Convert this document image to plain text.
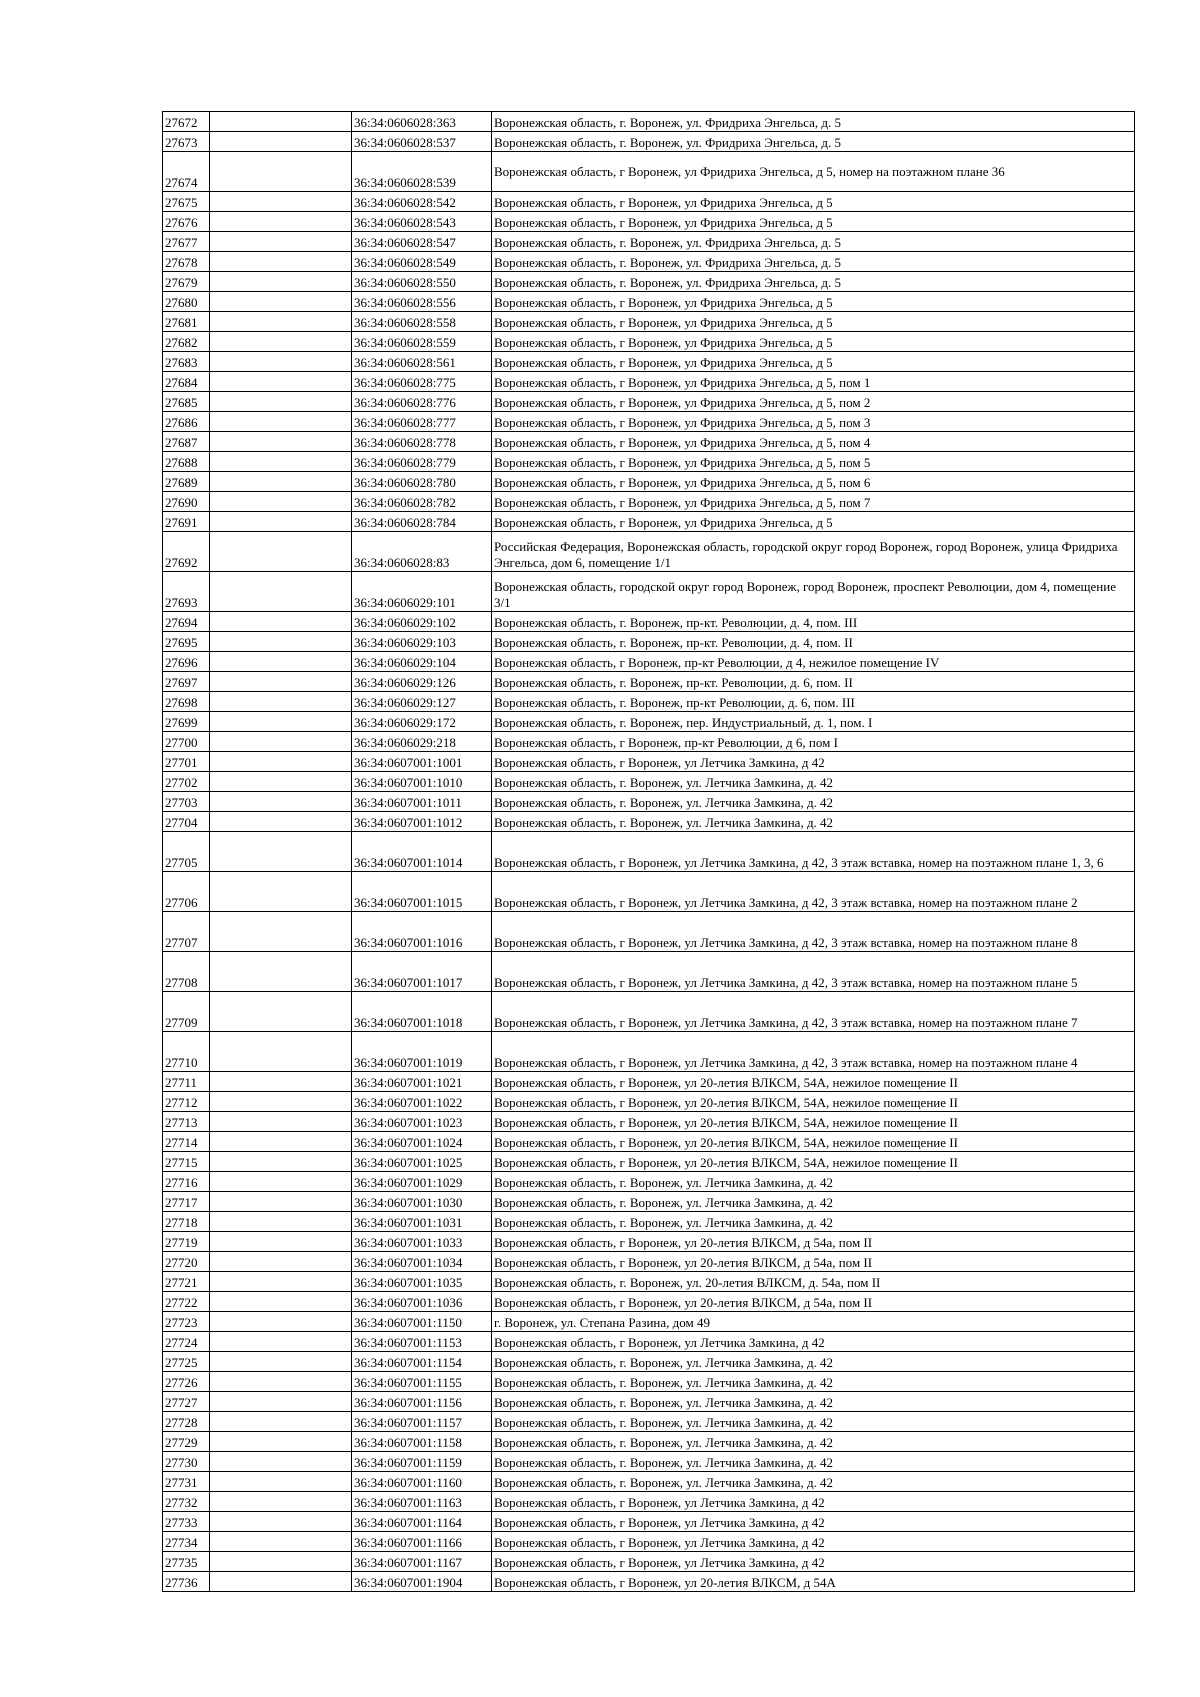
27672		36:34:0606028:363	Воронежская область, г. Воронеж, ул. Фридриха Энгельса, д. 5
27673		36:34:0606028:537	Воронежская область, г. Воронеж, ул. Фридриха Энгельса, д. 5
27674		36:34:0606028:539	Воронежская область, г Воронеж, ул Фридриха Энгельса, д 5, номер на поэтажном плане 36
27675		36:34:0606028:542	Воронежская область, г Воронеж, ул Фридриха Энгельса, д 5
27676		36:34:0606028:543	Воронежская область, г Воронеж, ул Фридриха Энгельса, д 5
27677		36:34:0606028:547	Воронежская область, г. Воронеж, ул. Фридриха Энгельса, д. 5
27678		36:34:0606028:549	Воронежская область, г. Воронеж, ул. Фридриха Энгельса, д. 5
27679		36:34:0606028:550	Воронежская область, г. Воронеж, ул. Фридриха Энгельса, д. 5
27680		36:34:0606028:556	Воронежская область, г Воронеж, ул Фридриха Энгельса, д 5
27681		36:34:0606028:558	Воронежская область, г Воронеж, ул Фридриха Энгельса, д 5
27682		36:34:0606028:559	Воронежская область, г Воронеж, ул Фридриха Энгельса, д 5
27683		36:34:0606028:561	Воронежская область, г Воронеж, ул Фридриха Энгельса, д 5
27684		36:34:0606028:775	Воронежская область, г Воронеж, ул Фридриха Энгельса, д 5, пом 1
27685		36:34:0606028:776	Воронежская область, г Воронеж, ул Фридриха Энгельса, д 5, пом 2
27686		36:34:0606028:777	Воронежская область, г Воронеж, ул Фридриха Энгельса, д 5, пом 3
27687		36:34:0606028:778	Воронежская область, г Воронеж, ул Фридриха Энгельса, д 5, пом 4
27688		36:34:0606028:779	Воронежская область, г Воронеж, ул Фридриха Энгельса, д 5, пом 5
27689		36:34:0606028:780	Воронежская область, г Воронеж, ул Фридриха Энгельса, д 5, пом 6
27690		36:34:0606028:782	Воронежская область, г Воронеж, ул Фридриха Энгельса, д 5, пом 7
27691		36:34:0606028:784	Воронежская область, г Воронеж, ул Фридриха Энгельса, д 5
27692		36:34:0606028:83	Российская Федерация, Воронежская область, городской округ город Воронеж, город Воронеж, улица Фридриха Энгельса, дом 6, помещение 1/1
27693		36:34:0606029:101	Воронежская область, городской округ город Воронеж, город Воронеж, проспект Революции, дом 4, помещение 3/1
27694		36:34:0606029:102	Воронежская область, г. Воронеж, пр-кт. Революции, д. 4, пом. III
27695		36:34:0606029:103	Воронежская область, г. Воронеж, пр-кт. Революции, д. 4, пом. II
27696		36:34:0606029:104	Воронежская область, г Воронеж, пр-кт Революции, д 4, нежилое помещение IV
27697		36:34:0606029:126	Воронежская область, г. Воронеж, пр-кт. Революции, д. 6, пом. II
27698		36:34:0606029:127	Воронежская область, г. Воронеж, пр-кт Революции, д. 6, пом. III
27699		36:34:0606029:172	Воронежская область, г. Воронеж, пер. Индустриальный, д. 1, пом. I
27700		36:34:0606029:218	Воронежская область, г Воронеж, пр-кт Революции, д 6, пом I
27701		36:34:0607001:1001	Воронежская область, г Воронеж, ул Летчика Замкина, д 42
27702		36:34:0607001:1010	Воронежская область, г. Воронеж, ул. Летчика Замкина, д. 42
27703		36:34:0607001:1011	Воронежская область, г. Воронеж, ул. Летчика Замкина, д. 42
27704		36:34:0607001:1012	Воронежская область, г. Воронеж, ул. Летчика Замкина, д. 42
27705		36:34:0607001:1014	Воронежская область, г Воронеж, ул Летчика Замкина, д 42, 3 этаж вставка, номер на поэтажном плане 1, 3, 6
27706		36:34:0607001:1015	Воронежская область, г Воронеж, ул Летчика Замкина, д 42, 3 этаж вставка, номер на поэтажном плане 2
27707		36:34:0607001:1016	Воронежская область, г Воронеж, ул Летчика Замкина, д 42, 3 этаж вставка, номер на поэтажном плане 8
27708		36:34:0607001:1017	Воронежская область, г Воронеж, ул Летчика Замкина, д 42, 3 этаж вставка, номер на поэтажном плане 5
27709		36:34:0607001:1018	Воронежская область, г Воронеж, ул Летчика Замкина, д 42, 3 этаж вставка, номер на поэтажном плане 7
27710		36:34:0607001:1019	Воронежская область, г Воронеж, ул Летчика Замкина, д 42, 3 этаж вставка, номер на поэтажном плане 4
27711		36:34:0607001:1021	Воронежская область, г Воронеж, ул 20-летия ВЛКСМ, 54А, нежилое помещение II
27712		36:34:0607001:1022	Воронежская область, г Воронеж, ул 20-летия ВЛКСМ, 54А, нежилое помещение II
27713		36:34:0607001:1023	Воронежская область, г Воронеж, ул 20-летия ВЛКСМ, 54А, нежилое помещение II
27714		36:34:0607001:1024	Воронежская область, г Воронеж, ул 20-летия ВЛКСМ, 54А, нежилое помещение II
27715		36:34:0607001:1025	Воронежская область, г Воронеж, ул 20-летия ВЛКСМ, 54А, нежилое помещение II
27716		36:34:0607001:1029	Воронежская область, г. Воронеж, ул. Летчика Замкина, д. 42
27717		36:34:0607001:1030	Воронежская область, г. Воронеж, ул. Летчика Замкина, д. 42
27718		36:34:0607001:1031	Воронежская область, г. Воронеж, ул. Летчика Замкина, д. 42
27719		36:34:0607001:1033	Воронежская область, г Воронеж, ул 20-летия ВЛКСМ, д 54а, пом II
27720		36:34:0607001:1034	Воронежская область, г Воронеж, ул 20-летия ВЛКСМ, д 54а, пом II
27721		36:34:0607001:1035	Воронежская область, г. Воронеж, ул. 20-летия ВЛКСМ, д. 54а, пом II
27722		36:34:0607001:1036	Воронежская область, г Воронеж, ул 20-летия ВЛКСМ, д 54а, пом II
27723		36:34:0607001:1150	г. Воронеж, ул. Степана Разина, дом 49
27724		36:34:0607001:1153	Воронежская область, г Воронеж, ул Летчика Замкина, д 42
27725		36:34:0607001:1154	Воронежская область, г. Воронеж, ул. Летчика Замкина, д. 42
27726		36:34:0607001:1155	Воронежская область, г. Воронеж, ул. Летчика Замкина, д. 42
27727		36:34:0607001:1156	Воронежская область, г. Воронеж, ул. Летчика Замкина, д. 42
27728		36:34:0607001:1157	Воронежская область, г. Воронеж, ул. Летчика Замкина, д. 42
27729		36:34:0607001:1158	Воронежская область, г. Воронеж, ул. Летчика Замкина, д. 42
27730		36:34:0607001:1159	Воронежская область, г. Воронеж, ул. Летчика Замкина, д. 42
27731		36:34:0607001:1160	Воронежская область, г. Воронеж, ул. Летчика Замкина, д. 42
27732		36:34:0607001:1163	Воронежская область, г Воронеж, ул Летчика Замкина, д 42
27733		36:34:0607001:1164	Воронежская область, г Воронеж, ул Летчика Замкина, д 42
27734		36:34:0607001:1166	Воронежская область, г Воронеж, ул Летчика Замкина, д 42
27735		36:34:0607001:1167	Воронежская область, г Воронеж, ул Летчика Замкина, д 42
27736		36:34:0607001:1904	Воронежская область, г Воронеж, ул 20-летия ВЛКСМ, д 54А
